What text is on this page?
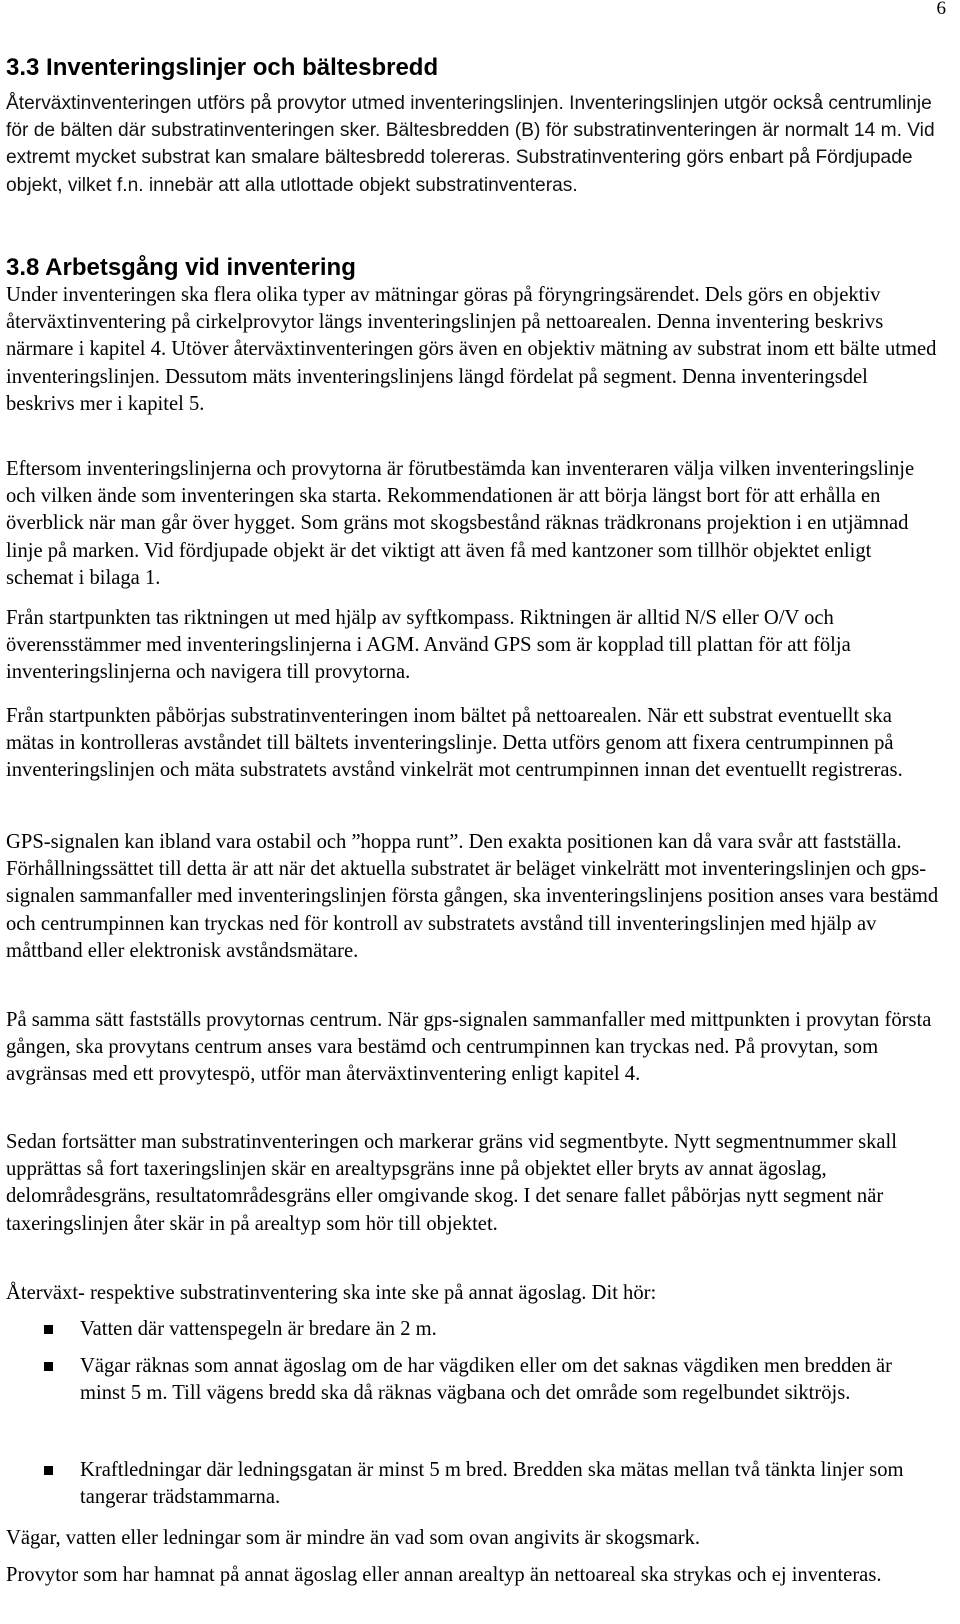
6
3.3 Inventeringslinjer och bältesbredd

Återväxtinventeringen utförs på provytor utmed inventeringslinjen. Inventeringslinjen utgör också centrumlinje för de bälten där substratinventeringen sker. Bältesbredden (B) för substratinventeringen är normalt 14 m. Vid extremt mycket substrat kan smalare bältesbredd tolereras. Substratinventering görs enbart på Fördjupade objekt, vilket f.n. innebär att alla utlottade objekt substratinventeras.

3.8 Arbetsgång vid inventering

Under inventeringen ska flera olika typer av mätningar göras på föryngringsärendet. Dels görs en objektiv återväxtinventering på cirkelprovytor längs inventeringslinjen på nettoarealen. Denna inventering beskrivs närmare i kapitel 4. Utöver återväxtinventeringen görs även en objektiv mätning av substrat inom ett bälte utmed inventeringslinjen. Dessutom mäts inventeringslinjens längd fördelat på segment. Denna inventeringsdel beskrivs mer i kapitel 5.

Eftersom inventeringslinjerna och provytorna är förutbestämda kan inventeraren välja vilken inventeringslinje och vilken ände som inventeringen ska starta. Rekommendationen är att börja längst bort för att erhålla en överblick när man går över hygget. Som gräns mot skogsbestånd räknas trädkronans projektion i en utjämnad linje på marken. Vid fördjupade objekt är det viktigt att även få med kantzoner som tillhör objektet enligt schemat i bilaga 1.

Från startpunkten tas riktningen ut med hjälp av syftkompass. Riktningen är alltid N/S eller O/V och överensstämmer med inventeringslinjerna i AGM. Använd GPS som är kopplad till plattan för att följa inventeringslinjerna och navigera till provytorna.

Från startpunkten påbörjas substratinventeringen inom bältet på nettoarealen. När ett substrat eventuellt ska mätas in kontrolleras avståndet till bältets inventeringslinje. Detta utförs genom att fixera centrumpinnen på inventeringslinjen och mäta substratets avstånd vinkelrät mot centrumpinnen innan det eventuellt registreras.

GPS-signalen kan ibland vara ostabil och ”hoppa runt”. Den exakta positionen kan då vara svår att fastställa. Förhållningssättet till detta är att när det aktuella substratet är beläget vinkelrätt mot inventeringslinjen och gps-signalen sammanfaller med inventeringslinjen första gången, ska inventeringslinjens position anses vara bestämd och centrumpinnen kan tryckas ned för kontroll av substratets avstånd till inventeringslinjen med hjälp av måttband eller elektronisk avståndsmätare.

På samma sätt fastställs provytornas centrum. När gps-signalen sammanfaller med mittpunkten i provytan första gången, ska provytans centrum anses vara bestämd och centrumpinnen kan tryckas ned. På provytan, som avgränsas med ett provytespö, utför man återväxtinventering enligt kapitel 4.

Sedan fortsätter man substratinventeringen och markerar gräns vid segmentbyte. Nytt segmentnummer skall upprättas så fort taxeringslinjen skär en arealtypsgräns inne på objektet eller bryts av annat ägoslag, delområdesgräns, resultatområdesgräns eller omgivande skog. I det senare fallet påbörjas nytt segment när taxeringslinjen åter skär in på arealtyp som hör till objektet.

Återväxt- respektive substratinventering ska inte ske på annat ägoslag. Dit hör:

Vatten där vattenspegeln är bredare än 2 m.
Vägar räknas som annat ägoslag om de har vägdiken eller om det saknas vägdiken men bredden är minst 5 m. Till vägens bredd ska då räknas vägbana och det område som regelbundet siktröjs.
Kraftledningar där ledningsgatan är minst 5 m bred. Bredden ska mätas mellan två tänkta linjer som tangerar trädstammarna.

Vägar, vatten eller ledningar som är mindre än vad som ovan angivits är skogsmark.

Provytor som har hamnat på annat ägoslag eller annan arealtyp än nettoareal ska strykas och ej inventeras.
